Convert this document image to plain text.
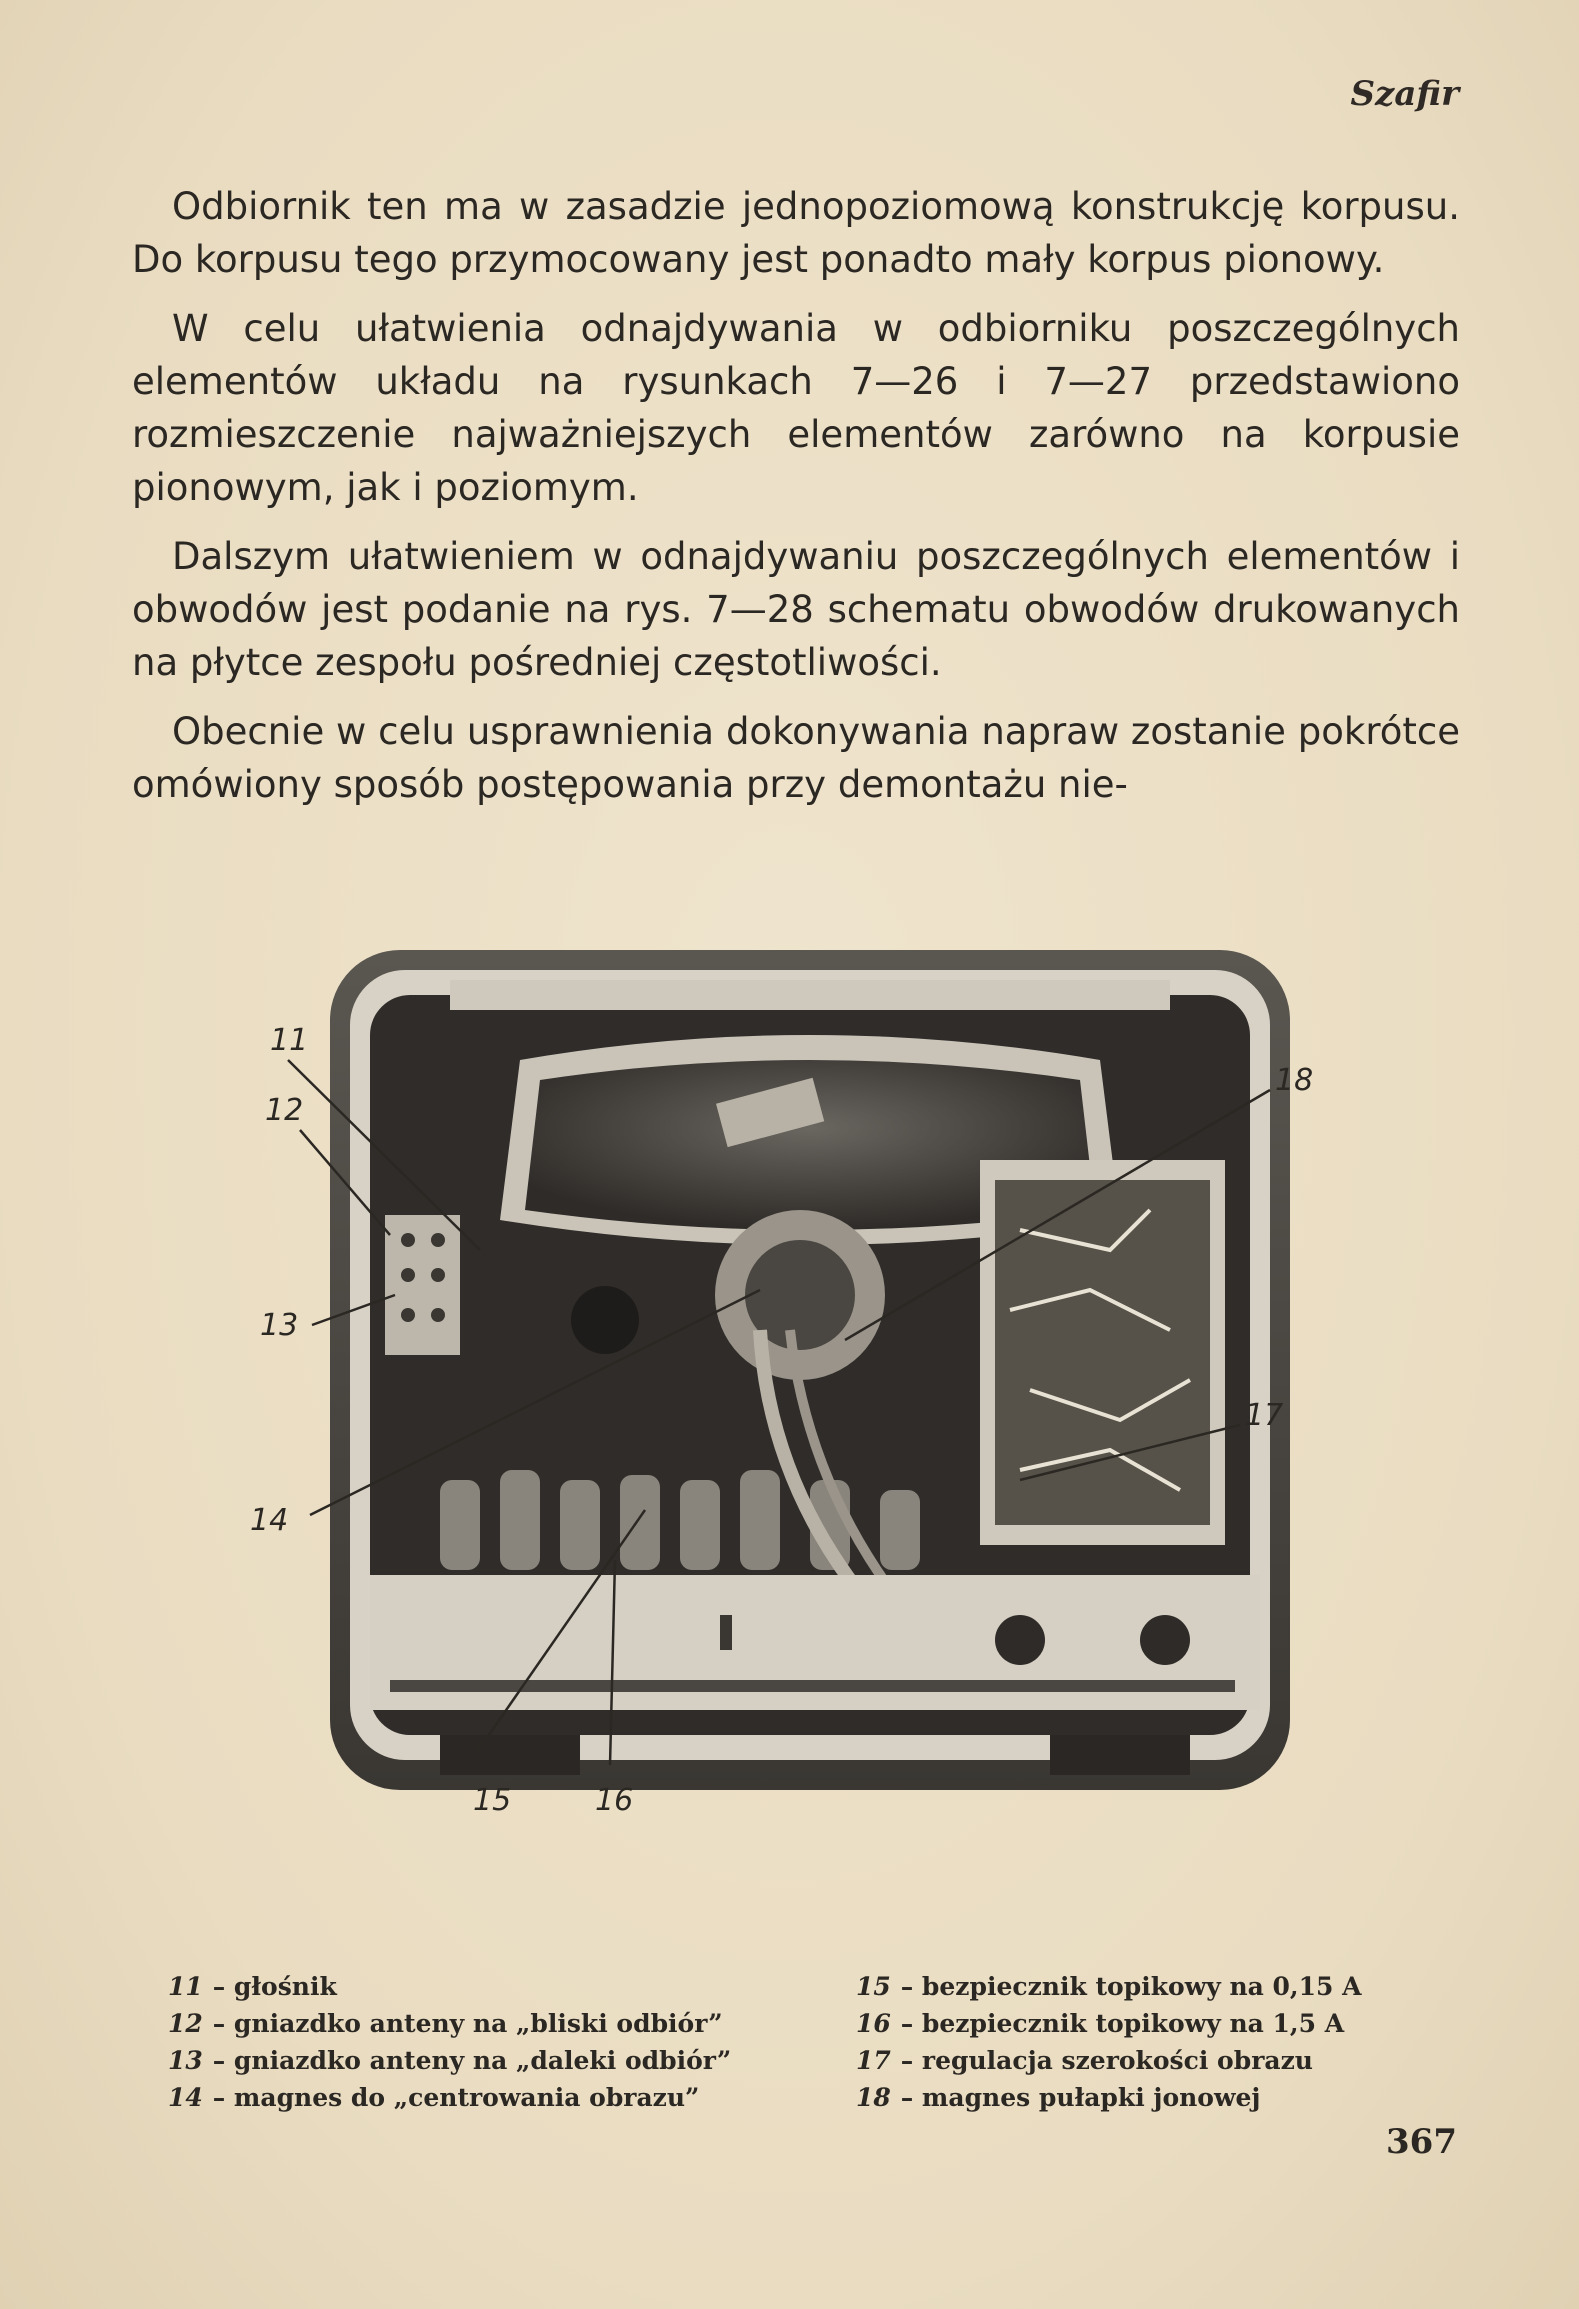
Szafir

Odbiornik ten ma w zasadzie jednopoziomową konstrukcję korpusu. Do korpusu tego przymocowany jest ponadto mały korpus pionowy.

W celu ułatwienia odnajdywania w odbiorniku poszczególnych elementów układu na rysunkach 7—26 i 7—27 przedstawiono rozmieszczenie najważniejszych elementów zarówno na korpusie pionowym, jak i poziomym.

Dalszym ułatwieniem w odnajdywaniu poszczególnych elementów i obwodów jest podanie na rys. 7—28 schematu obwodów drukowanych na płytce zespołu pośredniej częstotliwości.

Obecnie w celu usprawnienia dokonywania napraw zostanie pokrótce omówiony sposób postępowania przy demontażu nie-

11
12
13
14
15	16
17
18
11 – głośnik
12 – gniazdko anteny na „bliski odbiór”
13 – gniazdko anteny na „daleki odbiór”
14 – magnes do „centrowania obrazu”
15 – bezpiecznik topikowy na 0,15 A
16 – bezpiecznik topikowy na 1,5 A
17 – regulacja szerokości obrazu
18 – magnes pułapki jonowej
367
